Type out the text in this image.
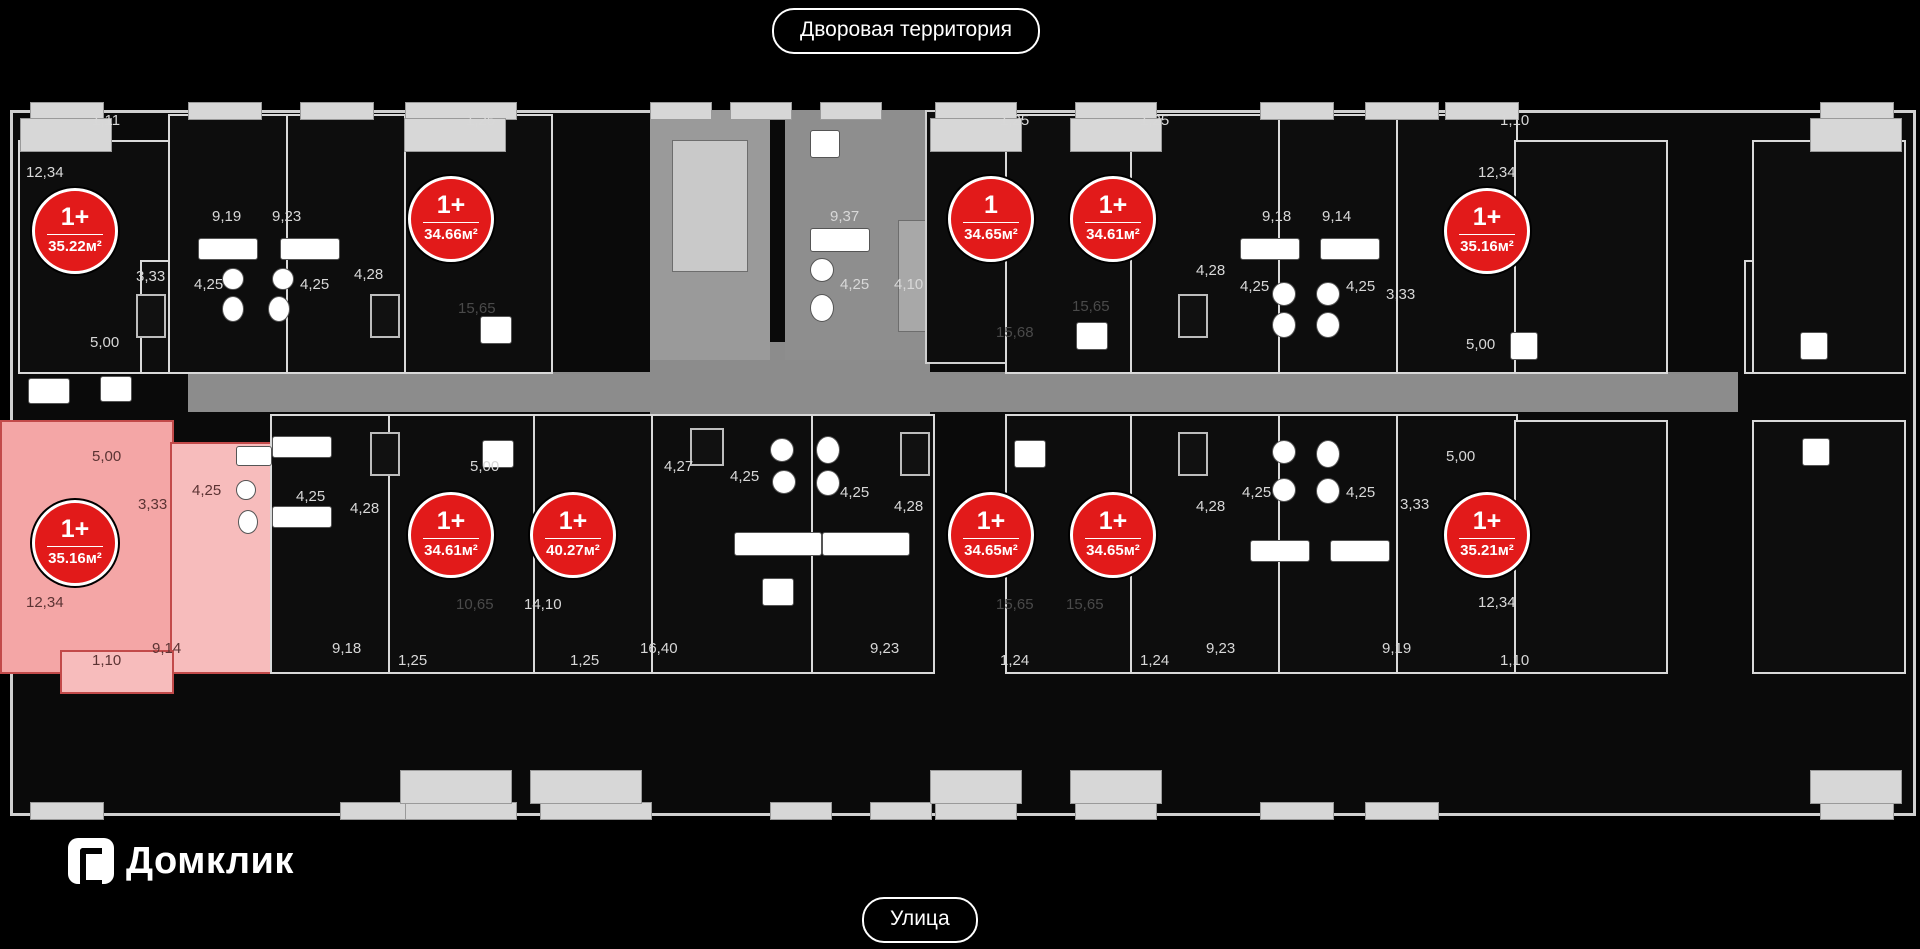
Дворовая территория
Улица
1,11	1,25	1,25	1,25	1,10
12,34	12,34
9,19 9,23	9,37	9,18 9,14
3,33 4,25	4,25
4,28
4,25 4,10
4,28
4,25	4,25 3,33
15,65	15,65
15,68
5,00	5,00
5,00
5,00
5,00
3,33
4,25	4,25
4,28
4,27
4,25
4,25
4,28	4,28
4,25	4,25
3,33
12,34	12,34
10,65 14,10	15,65 15,65
9,14	9,18	16,40	9,23	9,23	9,19
1,10	1,25	1,25	1,24	1,24	1,10
1+
35.22м²
1+
34.66м²
1
34.65м²
1+
34.61м²
1+
35.16м²
1+
35.16м²
1+
34.61м²
1+
40.27м²
1+
34.65м²
1+
34.65м²
1+
35.21м²
Домклик
